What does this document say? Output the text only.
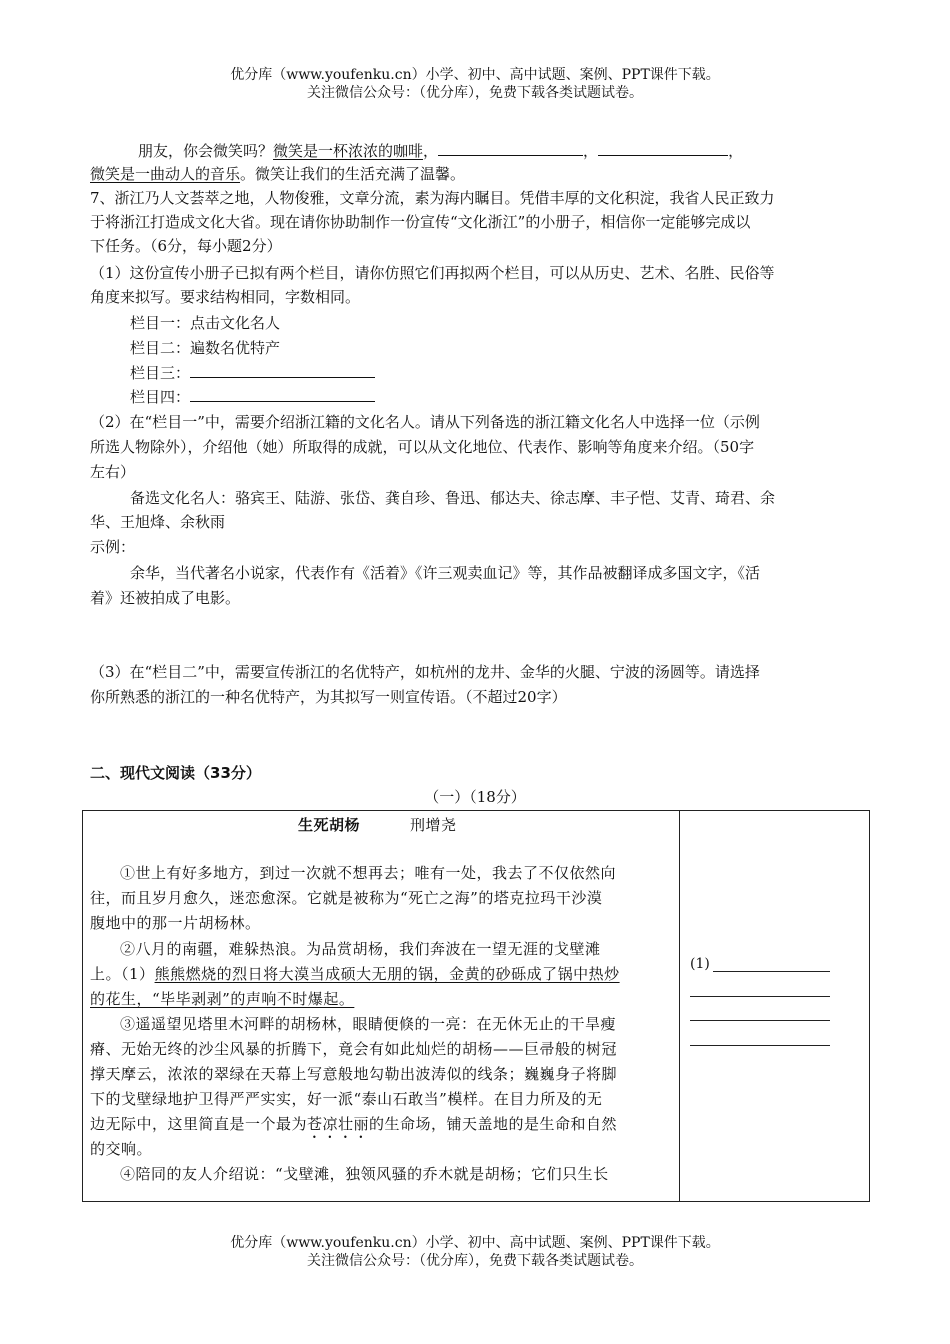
优分库（www.youfenku.cn）小学、初中、高中试题、案例、PPT课件下载。
关注微信公众号：（优分库），免费下载各类试题试卷。
朋友，你会微笑吗？微笑是一杯浓浓的咖啡，	，	，
微笑是一曲动人的音乐。微笑让我们的生活充满了温馨。
7、浙江乃人文荟萃之地，人物俊雅，文章分流，素为海内瞩目。凭借丰厚的文化积淀，我省人民正致力
于将浙江打造成文化大省。现在请你协助制作一份宣传“文化浙江”的小册子，相信你一定能够完成以
下任务。（6分，每小题2分）
（1）这份宣传小册子已拟有两个栏目，请你仿照它们再拟两个栏目，可以从历史、艺术、名胜、民俗等
角度来拟写。要求结构相同，字数相同。
栏目一：点击文化名人
栏目二：遍数名优特产
栏目三：
栏目四：
（2）在“栏目一”中，需要介绍浙江籍的文化名人。请从下列备选的浙江籍文化名人中选择一位（示例
所选人物除外），介绍他（她）所取得的成就，可以从文化地位、代表作、影响等角度来介绍。（50字
左右）
备选文化名人：骆宾王、陆游、张岱、龚自珍、鲁迅、郁达夫、徐志摩、丰子恺、艾青、琦君、余
华、王旭烽、余秋雨
示例：
余华，当代著名小说家，代表作有《活着》《许三观卖血记》等，其作品被翻译成多国文字，《活
着》还被拍成了电影。
（3）在“栏目二”中，需要宣传浙江的名优特产，如杭州的龙井、金华的火腿、宁波的汤圆等。请选择
你所熟悉的浙江的一种名优特产，为其拟写一则宣传语。（不超过20字）
二、现代文阅读（33分）
（一）（18分）
生死胡杨	刑增尧
①世上有好多地方，到过一次就不想再去；唯有一处，我去了不仅依然向
往，而且岁月愈久，迷恋愈深。它就是被称为“死亡之海”的塔克拉玛干沙漠
腹地中的那一片胡杨林。
②八月的南疆，难躲热浪。为品赏胡杨，我们奔波在一望无涯的戈壁滩
上。（1）熊熊燃烧的烈日将大漠当成硕大无朋的锅，金黄的砂砾成了锅中热炒
的花生，“毕毕剥剥”的声响不时爆起。
③遥遥望见塔里木河畔的胡杨林，眼睛便倏的一亮：在无休无止的干旱瘦
瘠、无始无终的沙尘风暴的折腾下，竟会有如此灿烂的胡杨——巨帚般的树冠
撑天摩云，浓浓的翠绿在天幕上写意般地勾勒出波涛似的线条；巍巍身子将脚
下的戈壁绿地护卫得严严实实，好一派“泰山石敢当”模样。在目力所及的无
边无际中，这里简直是一个最为苍凉壮丽的生命场，铺天盖地的是生命和自然
的交响。
④陪同的友人介绍说：“戈壁滩，独领风骚的乔木就是胡杨；它们只生长
(1)
优分库（www.youfenku.cn）小学、初中、高中试题、案例、PPT课件下载。
关注微信公众号：（优分库），免费下载各类试题试卷。
